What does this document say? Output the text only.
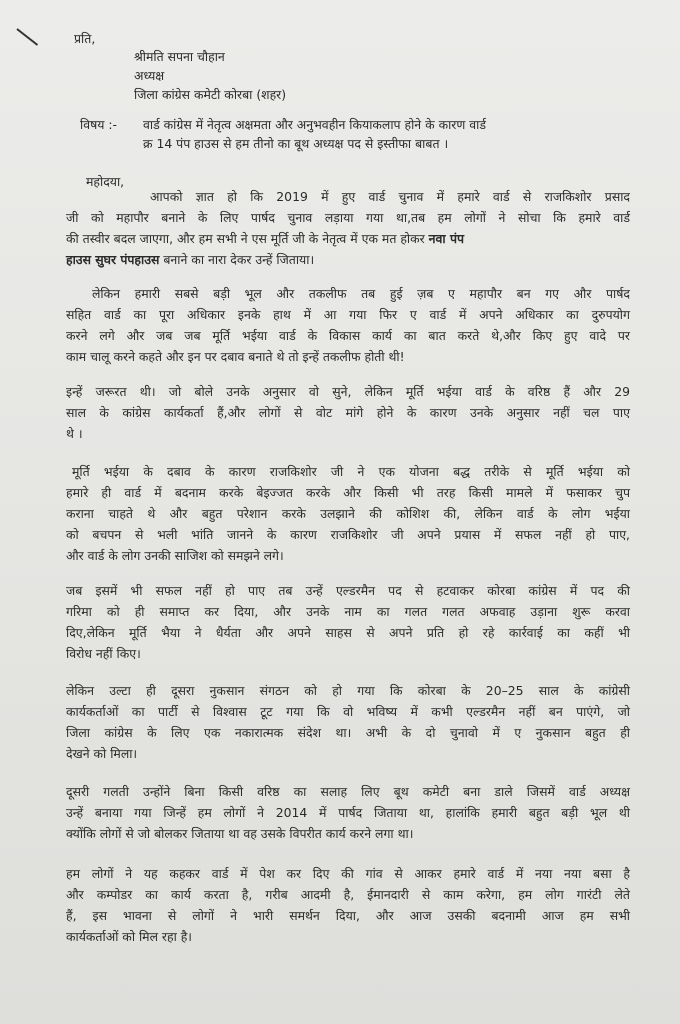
प्रति,
श्रीमति सपना चौहान
अध्यक्ष
जिला कांग्रेस कमेटी कोरबा (शहर)
विषय :- वार्ड कांग्रेस में नेतृत्व अक्षमता और अनुभवहीन कियाकलाप होने के कारण वार्ड
क्र 14 पंप हाउस से हम तीनो का बूथ अध्यक्ष पद से इस्तीफा बाबत ।
महोदया,
आपको ज्ञात हो कि 2019 में हुए वार्ड चुनाव में हमारे वार्ड से राजकिशोर प्रसाद
जी को महापौर बनाने के लिए पार्षद चुनाव लड़ाया गया था,तब हम लोगों ने सोचा कि हमारे वार्ड
की तस्वीर बदल जाएगा, और हम सभी ने एस मूर्ति जी के नेतृत्व में एक मत होकर नवा पंप
हाउस सुघर पंपहाउस बनाने का नारा देकर उन्हें जिताया।
लेकिन हमारी सबसे बड़ी भूल और तकलीफ तब हुई ज़ब ए महापौर बन गए और पार्षद
सहित वार्ड का पूरा अधिकार इनके हाथ में आ गया फिर ए वार्ड में अपने अधिकार का दुरुपयोग
करने लगे और जब जब मूर्ति भईया वार्ड के विकास कार्य का बात करते थे,और किए हुए वादे पर
काम चालू करने कहते और इन पर दबाव बनाते थे तो इन्हें तकलीफ होती थी!
इन्हें जरूरत थी। जो बोले उनके अनुसार वो सुने, लेकिन मूर्ति भईया वार्ड के वरिष्ठ हैं और 29
साल के कांग्रेस कार्यकर्ता हैं,और लोगों से वोट मांगे होने के कारण उनके अनुसार नहीं चल पाए
थे ।
मूर्ति भईया के दबाव के कारण राजकिशोर जी ने एक योजना बद्ध तरीके से मूर्ति भईया को
हमारे ही वार्ड में बदनाम करके बेइज्जत करके और किसी भी तरह किसी मामले में फसाकर चुप
कराना चाहते थे और बहुत परेशान करके उलझाने की कोशिश की, लेकिन वार्ड के लोग भईया
को बचपन से भली भांति जानने के कारण राजकिशोर जी अपने प्रयास में सफल नहीं हो पाए,
और वार्ड के लोग उनकी साजिश को समझने लगे।
जब इसमें भी सफल नहीं हो पाए तब उन्हें एल्डरमैन पद से हटवाकर कोरबा कांग्रेस में पद की
गरिमा को ही समाप्त कर दिया, और उनके नाम का गलत गलत अफवाह उड़ाना शुरू करवा
दिए,लेकिन मूर्ति भैया ने धैर्यता और अपने साहस से अपने प्रति हो रहे कार्रवाई का कहीं भी
विरोध नहीं किए।
लेकिन उल्टा ही दूसरा नुकसान संगठन को हो गया कि कोरबा के 20–25 साल के कांग्रेसी
कार्यकर्ताओं का पार्टी से विश्वास टूट गया कि वो भविष्य में कभी एल्डरमैन नहीं बन पाएंगे, जो
जिला कांग्रेस के लिए एक नकारात्मक संदेश था। अभी के दो चुनावो में ए नुकसान बहुत ही
देखने को मिला।
दूसरी गलती उन्होंने बिना किसी वरिष्ठ का सलाह लिए बूथ कमेटी बना डाले जिसमें वार्ड अध्यक्ष
उन्हें बनाया गया जिन्हें हम लोगों ने 2014 में पार्षद जिताया था, हालांकि हमारी बहुत बड़ी भूल थी
क्योंकि लोगों से जो बोलकर जिताया था वह उसके विपरीत कार्य करने लगा था।
हम लोगों ने यह कहकर वार्ड में पेश कर दिए की गांव से आकर हमारे वार्ड में नया नया बसा है
और कम्पोडर का कार्य करता है, गरीब आदमी है, ईमानदारी से काम करेगा, हम लोग गारंटी लेते
हैं, इस भावना से लोगों ने भारी समर्थन दिया, और आज उसकी बदनामी आज हम सभी
कार्यकर्ताओं को मिल रहा है।
